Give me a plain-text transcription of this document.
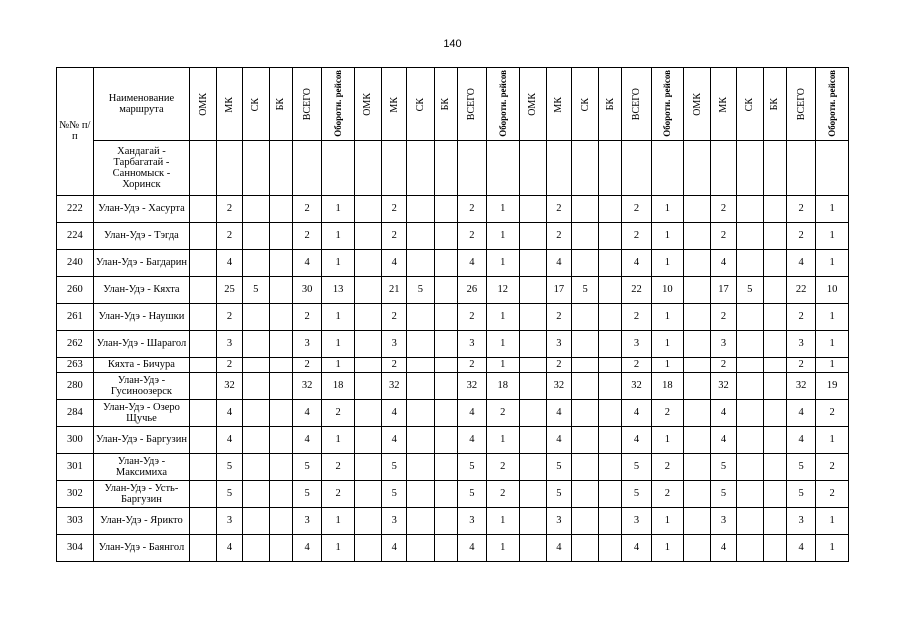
140
№№ п/п	Наименование маршрута	ОМК	МК	СК	БК	ВСЕГО	Обороти. рейсов	ОМК	МК	СК	БК	ВСЕГО	Обороти. рейсов	ОМК	МК	СК	БК	ВСЕГО	Обороти. рейсов	ОМК	МК	СК	БК	ВСЕГО	Обороти. рейсов
	Хандагай - Тарбагатай - Санномыск - Хоринск																								
222	Улан-Удэ - Хасурта		2			2	1		2			2	1		2			2	1		2			2	1
224	Улан-Удэ - Тэгда		2			2	1		2			2	1		2			2	1		2			2	1
240	Улан-Удэ - Багдарин		4			4	1		4			4	1		4			4	1		4			4	1
260	Улан-Удэ - Кяхта		25	5		30	13		21	5		26	12		17	5		22	10		17	5		22	10
261	Улан-Удэ - Наушки		2			2	1		2			2	1		2			2	1		2			2	1
262	Улан-Удэ - Шарагол		3			3	1		3			3	1		3			3	1		3			3	1
263	Кяхта - Бичура		2			2	1		2			2	1		2			2	1		2			2	1
280	Улан-Удэ - Гусиноозерск		32			32	18		32			32	18		32			32	18		32			32	19
284	Улан-Удэ - Озеро Щучье		4			4	2		4			4	2		4			4	2		4			4	2
300	Улан-Удэ - Баргузин		4			4	1		4			4	1		4			4	1		4			4	1
301	Улан-Удэ - Максимиха		5			5	2		5			5	2		5			5	2		5			5	2
302	Улан-Удэ - Усть-Баргузин		5			5	2		5			5	2		5			5	2		5			5	2
303	Улан-Удэ - Ярикто		3			3	1		3			3	1		3			3	1		3			3	1
304	Улан-Удэ - Баянгол		4			4	1		4			4	1		4			4	1		4			4	1
